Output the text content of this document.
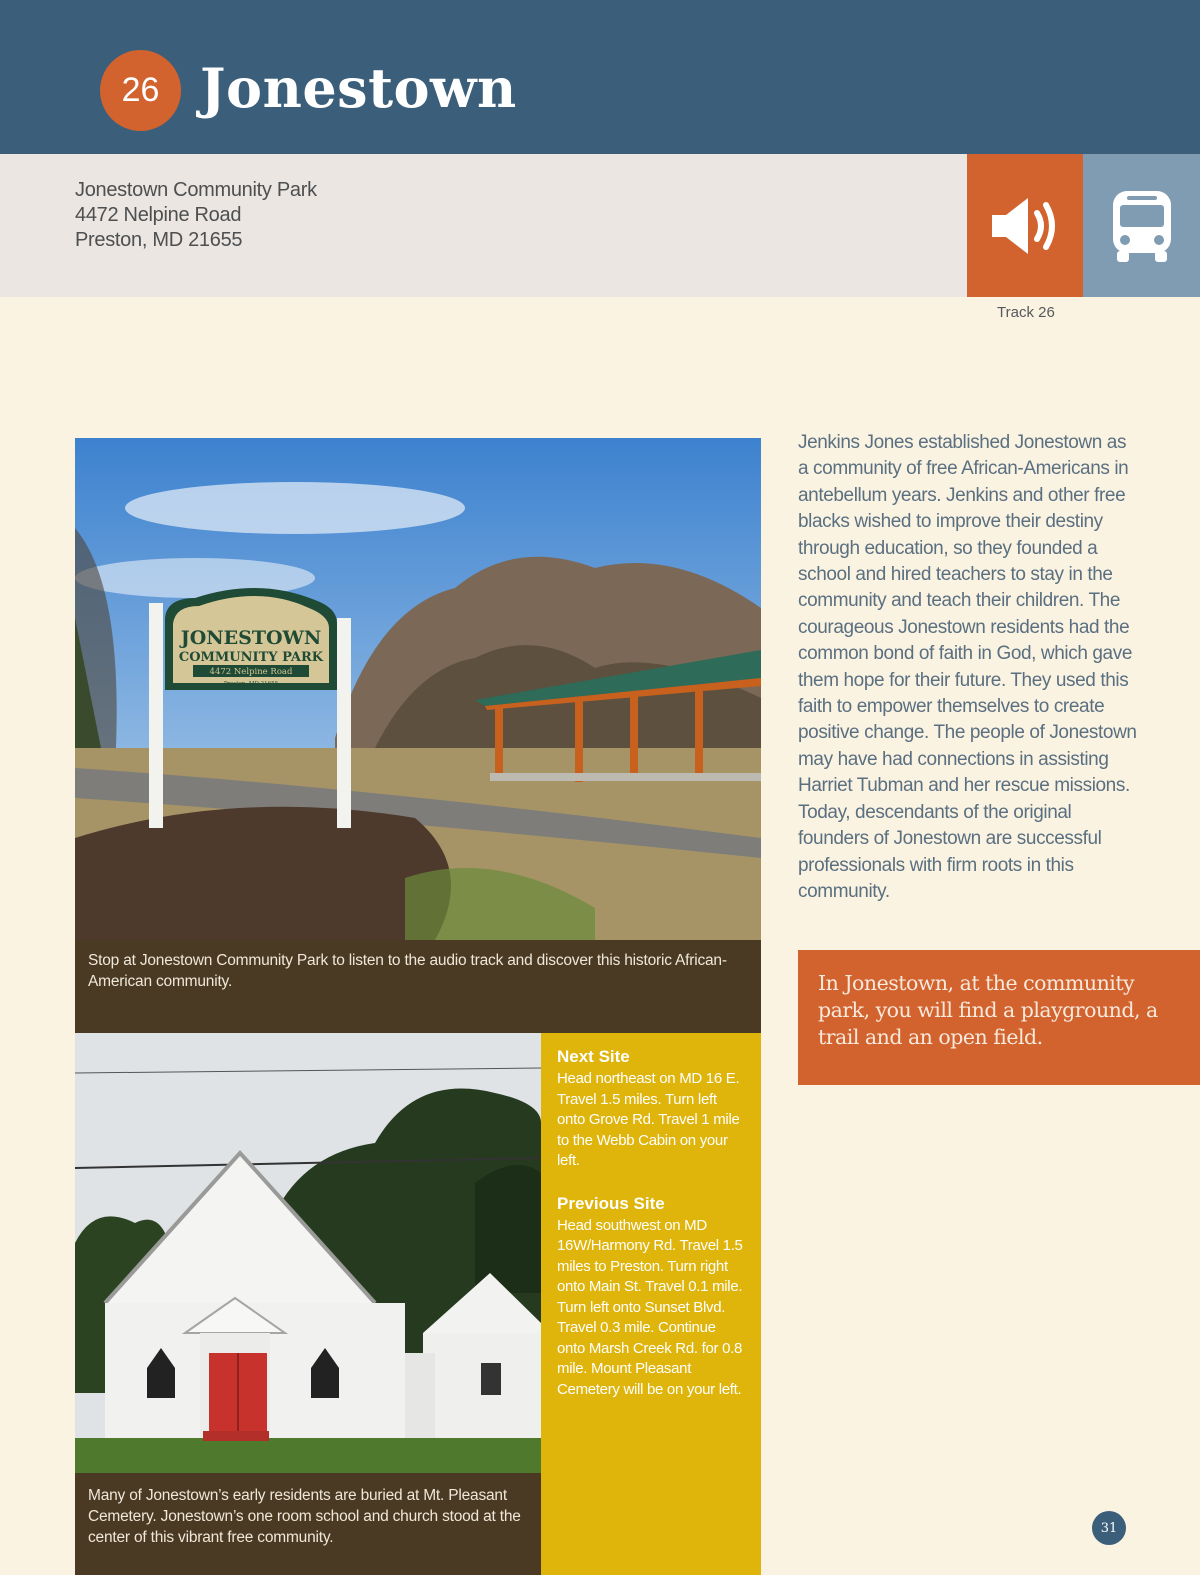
26 Jonestown
Jonestown Community Park
4472 Nelpine Road
Preston, MD 21655
Track 26
JONESTOWN
COMMUNITY PARK
4472 Nelpine Road
Preston, MD 21655
Stop at Jonestown Community Park to listen to the audio track and discover this historic African-American community.
Many of Jonestown’s early residents are buried at Mt. Pleasant Cemetery. Jonestown’s one room school and church stood at the center of this vibrant free community.
Next Site

Head northeast on MD 16 E. Travel 1.5 miles. Turn left onto Grove Rd. Travel 1 mile to the Webb Cabin on your left.

Previous Site

Head southwest on MD 16W/Harmony Rd. Travel 1.5 miles to Preston. Turn right onto Main St. Travel 0.1 mile. Turn left onto Sunset Blvd. Travel 0.3 mile. Continue onto Marsh Creek Rd. for 0.8 mile. Mount Pleasant Cemetery will be on your left.

Jenkins Jones established Jonestown as a community of free African-Americans in antebellum years. Jenkins and other free blacks wished to improve their destiny through education, so they founded a school and hired teachers to stay in the community and teach their children. The courageous Jonestown residents had the common bond of faith in God, which gave them hope for their future. They used this faith to empower themselves to create positive change. The people of Jonestown may have had connections in assisting Harriet Tubman and her rescue missions. Today, descendants of the original founders of Jonestown are successful professionals with firm roots in this community.

In Jonestown, at the community park, you will find a playground, a trail and an open field.

31
